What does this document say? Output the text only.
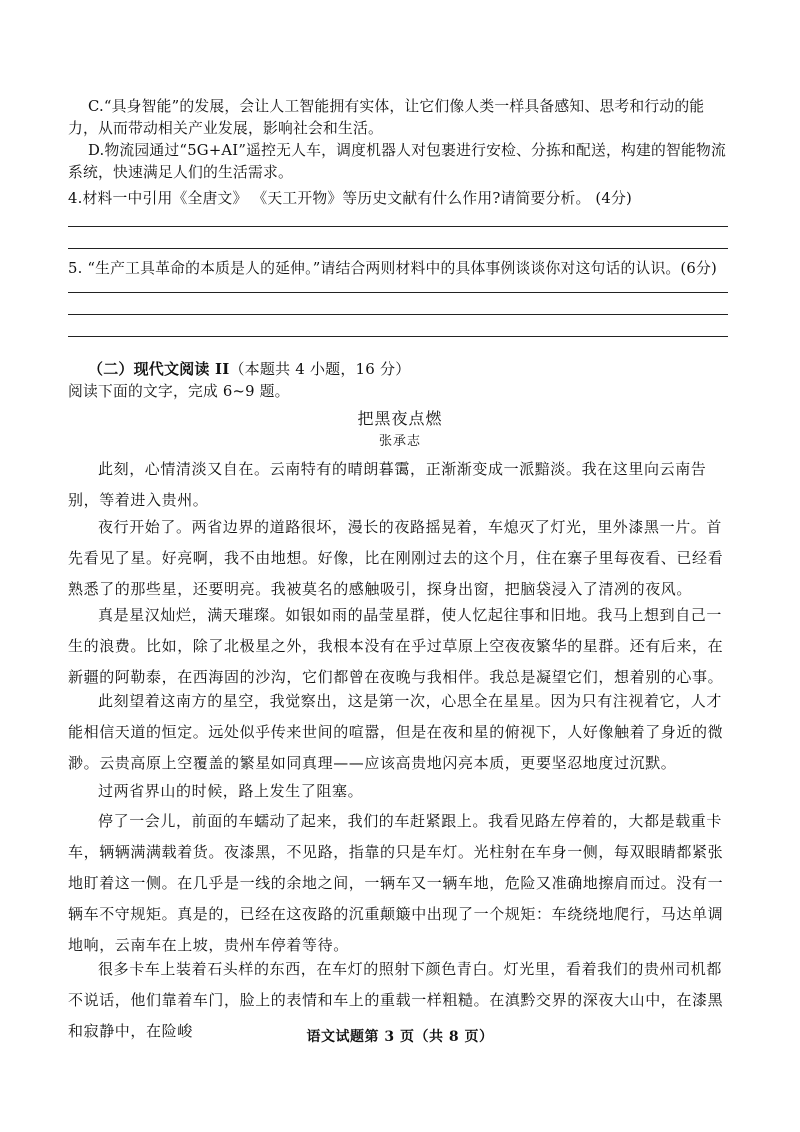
C.“具身智能”的发展，会让人工智能拥有实体，让它们像人类一样具备感知、思考和行动的能力，从而带动相关产业发展，影响社会和生活。
D.物流园通过“5G+AI”遥控无人车，调度机器人对包裹进行安检、分拣和配送，构建的智能物流系统，快速满足人们的生活需求。
4.材料一中引用《全唐文》 《天工开物》等历史文献有什么作用?请简要分析。 (4分)
5. “生产工具革命的本质是人的延伸。”请结合两则材料中的具体事例谈谈你对这句话的认识。(6分)
（二）现代文阅读 II（本题共 4 小题，16 分）
阅读下面的文字，完成 6~9 题。
把黑夜点燃
张承志
此刻，心情清淡又自在。云南特有的晴朗暮霭，正渐渐变成一派黯淡。我在这里向云南告别，等着进入贵州。
夜行开始了。两省边界的道路很坏，漫长的夜路摇晃着，车熄灭了灯光，里外漆黑一片。首先看见了星。好亮啊，我不由地想。好像，比在刚刚过去的这个月，住在寨子里每夜看、已经看熟悉了的那些星，还要明亮。我被莫名的感触吸引，探身出窗，把脑袋浸入了清冽的夜风。
真是星汉灿烂，满天璀璨。如银如雨的晶莹星群，使人忆起往事和旧地。我马上想到自己一生的浪费。比如，除了北极星之外，我根本没有在乎过草原上空夜夜繁华的星群。还有后来，在新疆的阿勒泰，在西海固的沙沟，它们都曾在夜晚与我相伴。我总是凝望它们，想着别的心事。
此刻望着这南方的星空，我觉察出，这是第一次，心思全在星星。因为只有注视着它，人才能相信天道的恒定。远处似乎传来世间的喧嚣，但是在夜和星的俯视下，人好像触着了身近的微渺。云贵高原上空覆盖的繁星如同真理——应该高贵地闪亮本质，更要坚忍地度过沉默。
过两省界山的时候，路上发生了阻塞。
停了一会儿，前面的车蠕动了起来，我们的车赶紧跟上。我看见路左停着的，大都是载重卡车，辆辆满满载着货。夜漆黑，不见路，指靠的只是车灯。光柱射在车身一侧，每双眼睛都紧张地盯着这一侧。在几乎是一线的余地之间，一辆车又一辆车地，危险又准确地擦肩而过。没有一辆车不守规矩。真是的，已经在这夜路的沉重颠簸中出现了一个规矩：车绕绕地爬行，马达单调地响，云南车在上坡，贵州车停着等待。
很多卡车上装着石头样的东西，在车灯的照射下颜色青白。灯光里，看着我们的贵州司机都不说话，他们靠着车门，脸上的表情和车上的重载一样粗糙。在滇黔交界的深夜大山中，在漆黑和寂静中，在险峻	语文试题第 3 页（共 8 页）
